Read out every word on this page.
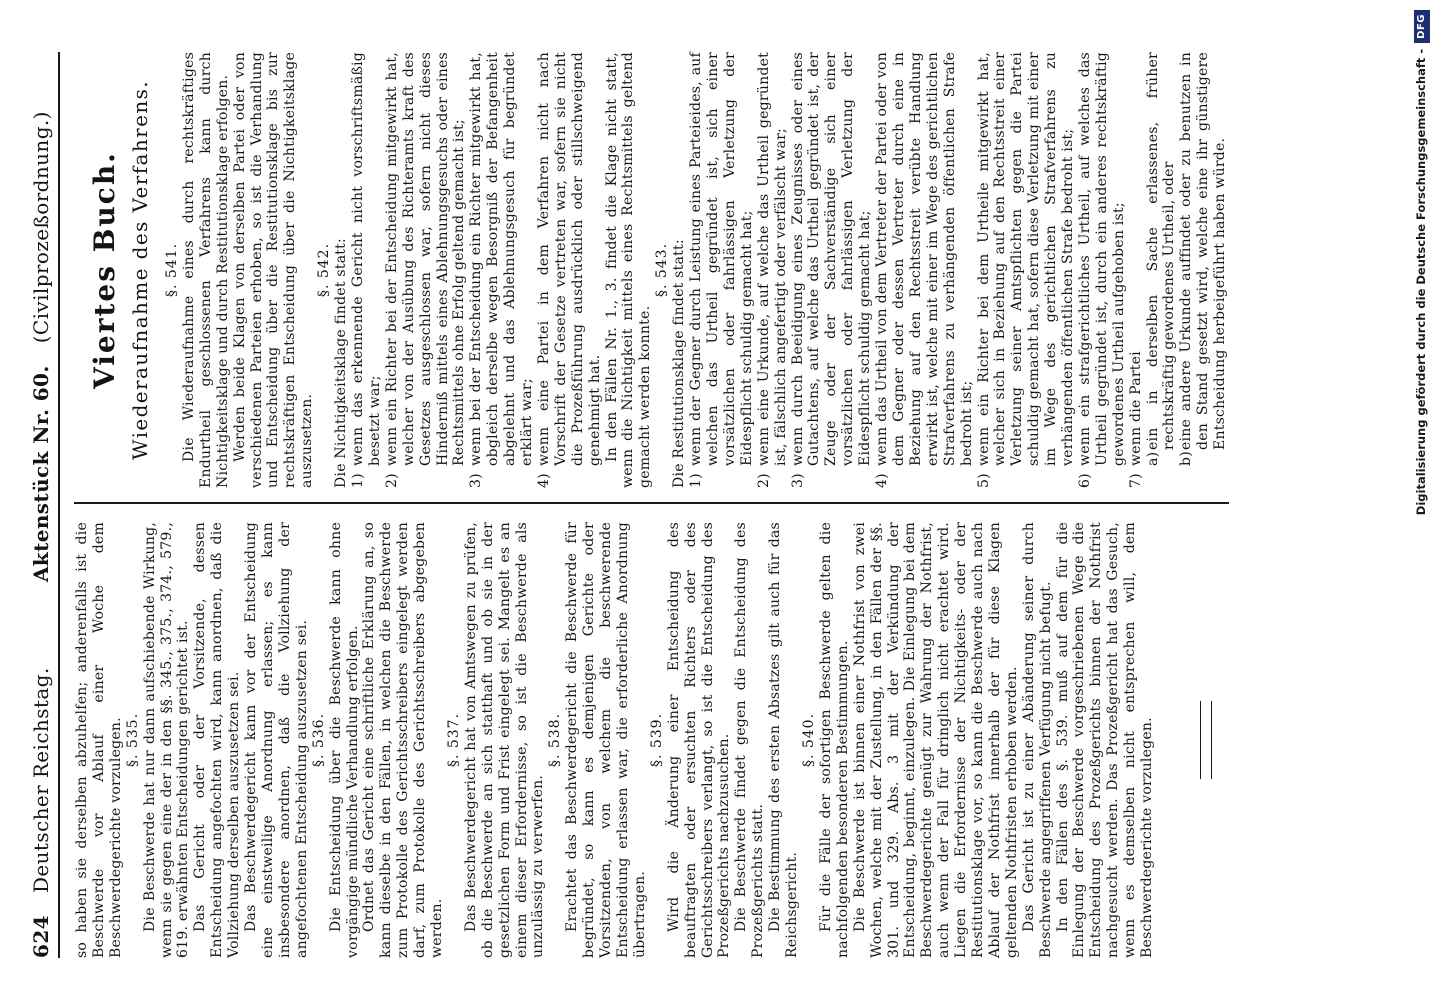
624
Deutscher Reichstag.
Aktenstück Nr. 60.
(Civilprozeßordnung.)

so haben sie derselben abzuhelfen; anderenfalls ist die Beschwerde vor Ablauf einer Woche dem Beschwerdegerichte vorzulegen. §. 535. Die Beschwerde hat nur dann aufschiebende Wirkung, wenn sie gegen eine der in den §§. 345., 375., 374., 579., 619. erwähnten Entscheidungen gerichtet ist. Das Gericht oder der Vorsitzende, dessen Entscheidung angefochten wird, kann anordnen, daß die Vollziehung derselben auszusetzen sei. Das Beschwerdegericht kann vor der Entscheidung eine einstweilige Anordnung erlassen; es kann insbesondere anordnen, daß die Vollziehung der angefochtenen Entscheidung auszusetzen sei. §. 536. Die Entscheidung über die Beschwerde kann ohne vorgängige mündliche Verhandlung erfolgen. Ordnet das Gericht eine schriftliche Erklärung an, so kann dieselbe in den Fällen, in welchen die Beschwerde zum Protokolle des Gerichtsschreibers eingelegt werden darf, zum Protokolle des Gerichtsschreibers abgegeben werden.

§. 537. Das Beschwerdegericht hat von Amtswegen zu prüfen, ob die Beschwerde an sich statthaft und ob sie in der gesetzlichen Form und Frist eingelegt sei. Mangelt es an einem dieser Erfordernisse, so ist die Beschwerde als unzulässig zu verwerfen.

§. 538. Erachtet das Beschwerdegericht die Beschwerde für begründet, so kann es demjenigen Gerichte oder Vorsitzenden, von welchem die beschwerende Entscheidung erlassen war, die erforderliche Anordnung übertragen.

§. 539. Wird die Änderung einer Entscheidung des beauftragten oder ersuchten Richters oder des Gerichtsschreibers verlangt, so ist die Entscheidung des Prozeßgerichts nachzusuchen. Die Beschwerde findet gegen die Entscheidung des Prozeßgerichts statt. Die Bestimmung des ersten Absatzes gilt auch für das Reichsgericht.

§. 540. Für die Fälle der sofortigen Beschwerde gelten die nachfolgenden besonderen Bestimmungen. Die Beschwerde ist binnen einer Nothfrist von zwei Wochen, welche mit der Zustellung, in den Fällen der §§. 301. und 329. Abs. 3 mit der Verkündung der Entscheidung, beginnt, einzulegen. Die Einlegung bei dem Beschwerdegerichte genügt zur Wahrung der Nothfrist, auch wenn der Fall für dringlich nicht erachtet wird. Liegen die Erfordernisse der Nichtigkeits- oder der Restitutionsklage vor, so kann die Beschwerde auch nach Ablauf der Nothfrist innerhalb der für diese Klagen geltenden Nothfristen erhoben werden. Das Gericht ist zu einer Abänderung seiner durch Beschwerde angegriffenen Verfügung nicht befugt. In den Fällen des §. 539. muß auf dem für die Einlegung der Beschwerde vorgeschriebenen Wege die Entscheidung des Prozeßgerichts binnen der Nothfrist nachgesucht werden. Das Prozeßgericht hat das Gesuch, wenn es demselben nicht entsprechen will, dem Beschwerdegerichte vorzulegen.

Viertes Buch. Wiederaufnahme des Verfahrens. §. 541. Die Wiederaufnahme eines durch rechtskräftiges Endurtheil geschlossenen Verfahrens kann durch Nichtigkeitsklage und durch Restitutionsklage erfolgen. Werden beide Klagen von derselben Partei oder von verschiedenen Parteien erhoben, so ist die Verhandlung und Entscheidung über die Restitutionsklage bis zur rechtskräftigen Entscheidung über die Nichtigkeitsklage auszusetzen.

§. 542. Die Nichtigkeitsklage findet statt: 1)wenn das erkennende Gericht nicht vorschriftsmäßig besetzt war;

2)wenn ein Richter bei der Entscheidung mitgewirkt hat, welcher von der Ausübung des Richteramts kraft des Gesetzes ausgeschlossen war, sofern nicht dieses Hinderniß mittels eines Ablehnungsgesuchs oder eines Rechtsmittels ohne Erfolg geltend gemacht ist;

3)wenn bei der Entscheidung ein Richter mitgewirkt hat, obgleich derselbe wegen Besorgniß der Befangenheit abgelehnt und das Ablehnungsgesuch für begründet erklärt war;

4)wenn eine Partei in dem Verfahren nicht nach Vorschrift der Gesetze vertreten war, sofern sie nicht die Prozeßführung ausdrücklich oder stillschweigend genehmigt hat. In den Fällen Nr. 1., 3. findet die Klage nicht statt, wenn die Nichtigkeit mittels eines Rechtsmittels geltend gemacht werden konnte.

§. 543. Die Restitutionsklage findet statt: 1)wenn der Gegner durch Leistung eines Parteieides, auf welchen das Urtheil gegründet ist, sich einer vorsätzlichen oder fahrlässigen Verletzung der Eidespflicht schuldig gemacht hat;

2)wenn eine Urkunde, auf welche das Urtheil gegründet ist, fälschlich angefertigt oder verfälscht war;

3)wenn durch Beeidigung eines Zeugnisses oder eines Gutachtens, auf welche das Urtheil gegründet ist, der Zeuge oder der Sachverständige sich einer vorsätzlichen oder fahrlässigen Verletzung der Eidespflicht schuldig gemacht hat;

4)wenn das Urtheil von dem Vertreter der Partei oder von dem Gegner oder dessen Vertreter durch eine in Beziehung auf den Rechtsstreit verübte Handlung erwirkt ist, welche mit einer im Wege des gerichtlichen Strafverfahrens zu verhängenden öffentlichen Strafe bedroht ist;

5)wenn ein Richter bei dem Urtheile mitgewirkt hat, welcher sich in Beziehung auf den Rechtsstreit einer Verletzung seiner Amtspflichten gegen die Partei schuldig gemacht hat, sofern diese Verletzung mit einer im Wege des gerichtlichen Strafverfahrens zu verhängenden öffentlichen Strafe bedroht ist;

6)wenn ein strafgerichtliches Urtheil, auf welches das Urtheil gegründet ist, durch ein anderes rechtskräftig gewordenes Urtheil aufgehoben ist;

7)wenn die Partei a)ein in derselben Sache erlassenes, früher rechtskräftig gewordenes Urtheil, oder

b)eine andere Urkunde auffindet oder zu benutzen in den Stand gesetzt wird, welche eine ihr günstigere Entscheidung herbeigeführt haben würde.	Digitalisierung gefördert durch die Deutsche Forschungsgemeinschaft -DFG
